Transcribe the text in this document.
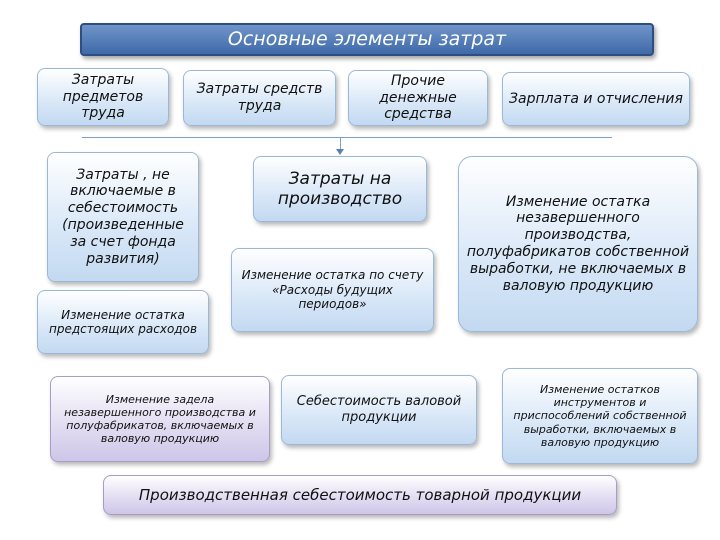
Основные элементы затрат
Затраты предметов труда
Затраты средств труда
Прочие денежные средства
Зарплата и отчисления
Затраты , не включаемые в себестоимость (произведенные за счет фонда развития)
Изменение остатка предстоящих расходов
Изменение задела незавершенного производства и полуфабрикатов, включаемых в валовую продукцию
Затраты на производство
Изменение остатка по счету «Расходы будущих периодов»
Себестоимость валовой продукции
Изменение остатка незавершенного производства, полуфабрикатов собственной выработки, не включаемых в валовую продукцию
Изменение остатков инструментов и приспособлений собственной выработки, включаемых в валовую продукцию
Производственная себестоимость товарной продукции
